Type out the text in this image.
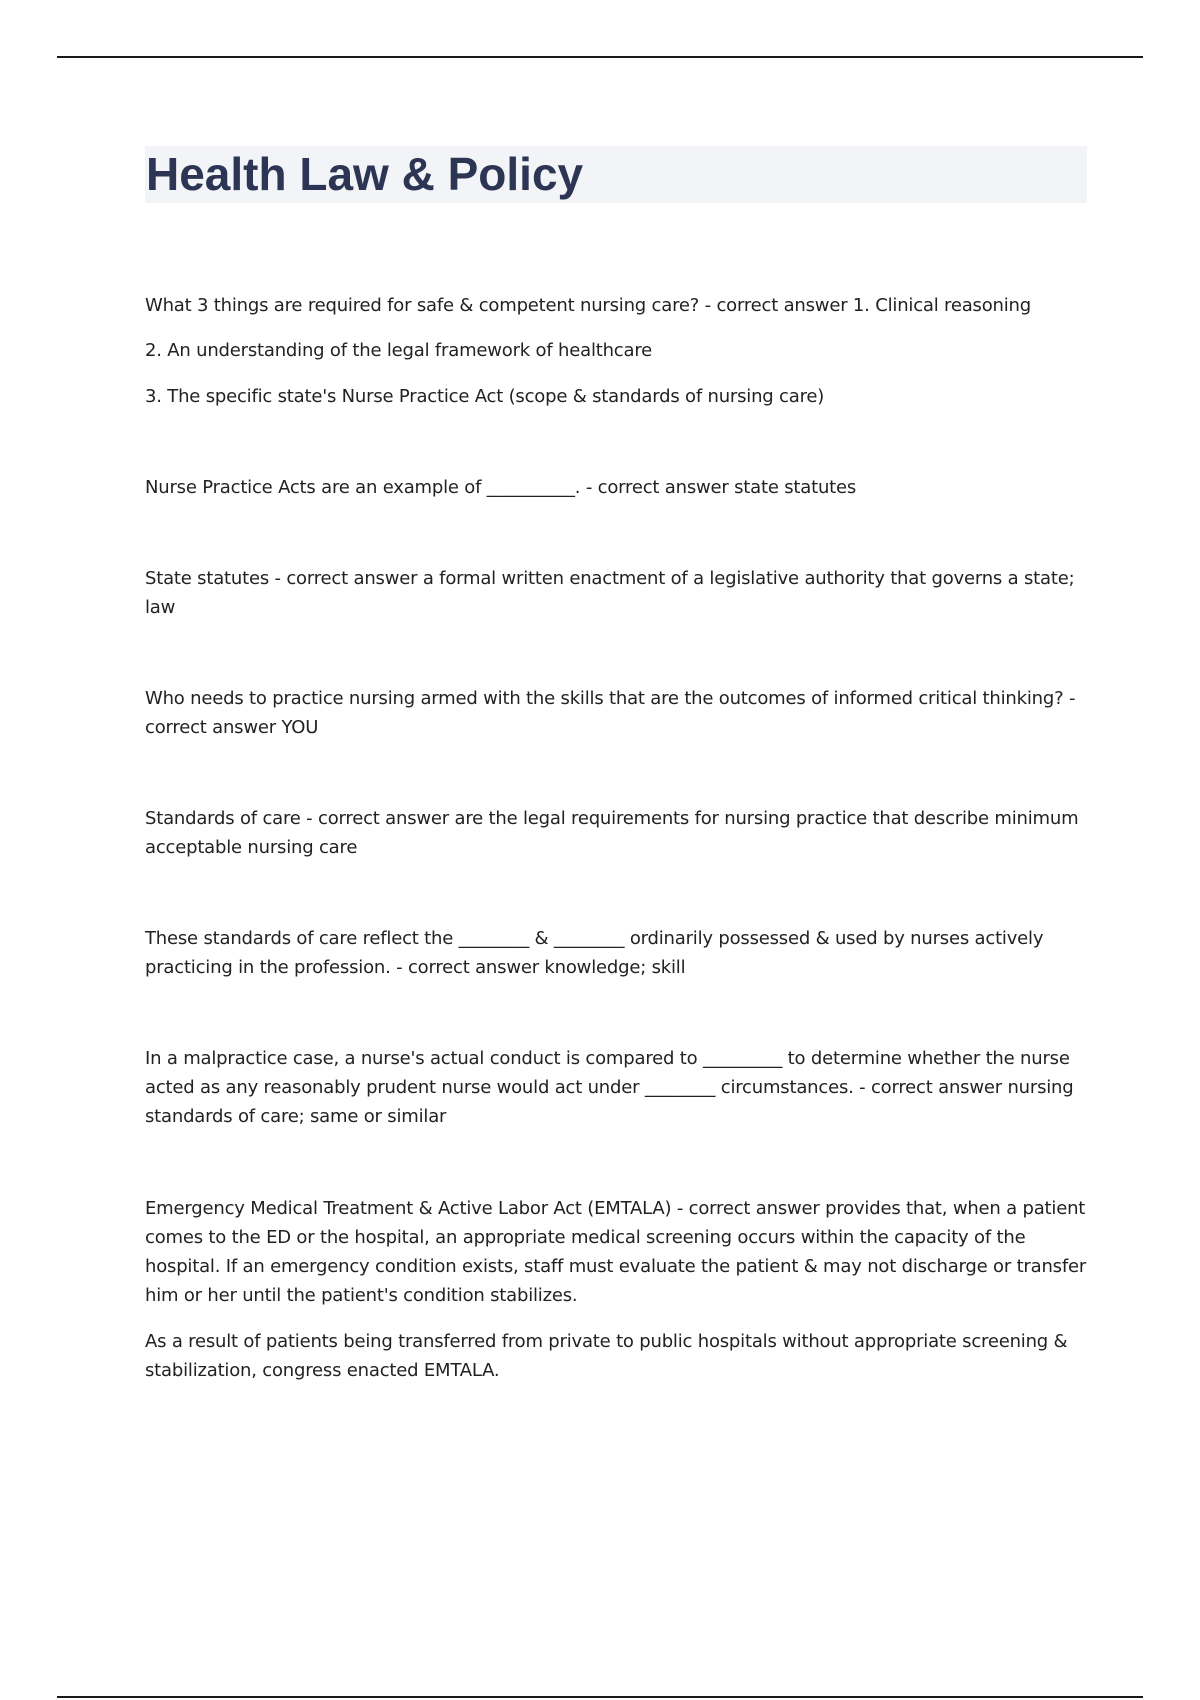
Health Law & Policy

What 3 things are required for safe & competent nursing care? - correct answer 1. Clinical reasoning

2. An understanding of the legal framework of healthcare

3. The specific state's Nurse Practice Act (scope & standards of nursing care)

Nurse Practice Acts are an example of __________. - correct answer state statutes

State statutes - correct answer a formal written enactment of a legislative authority that governs a state; law

Who needs to practice nursing armed with the skills that are the outcomes of informed critical thinking? - correct answer YOU

Standards of care - correct answer are the legal requirements for nursing practice that describe minimum acceptable nursing care

These standards of care reflect the ________ & ________ ordinarily possessed & used by nurses actively practicing in the profession. - correct answer knowledge; skill

In a malpractice case, a nurse's actual conduct is compared to _________ to determine whether the nurse acted as any reasonably prudent nurse would act under ________ circumstances. - correct answer nursing standards of care; same or similar

Emergency Medical Treatment & Active Labor Act (EMTALA) - correct answer provides that, when a patient comes to the ED or the hospital, an appropriate medical screening occurs within the capacity of the hospital. If an emergency condition exists, staff must evaluate the patient & may not discharge or transfer him or her until the patient's condition stabilizes.

As a result of patients being transferred from private to public hospitals without appropriate screening & stabilization, congress enacted EMTALA.
